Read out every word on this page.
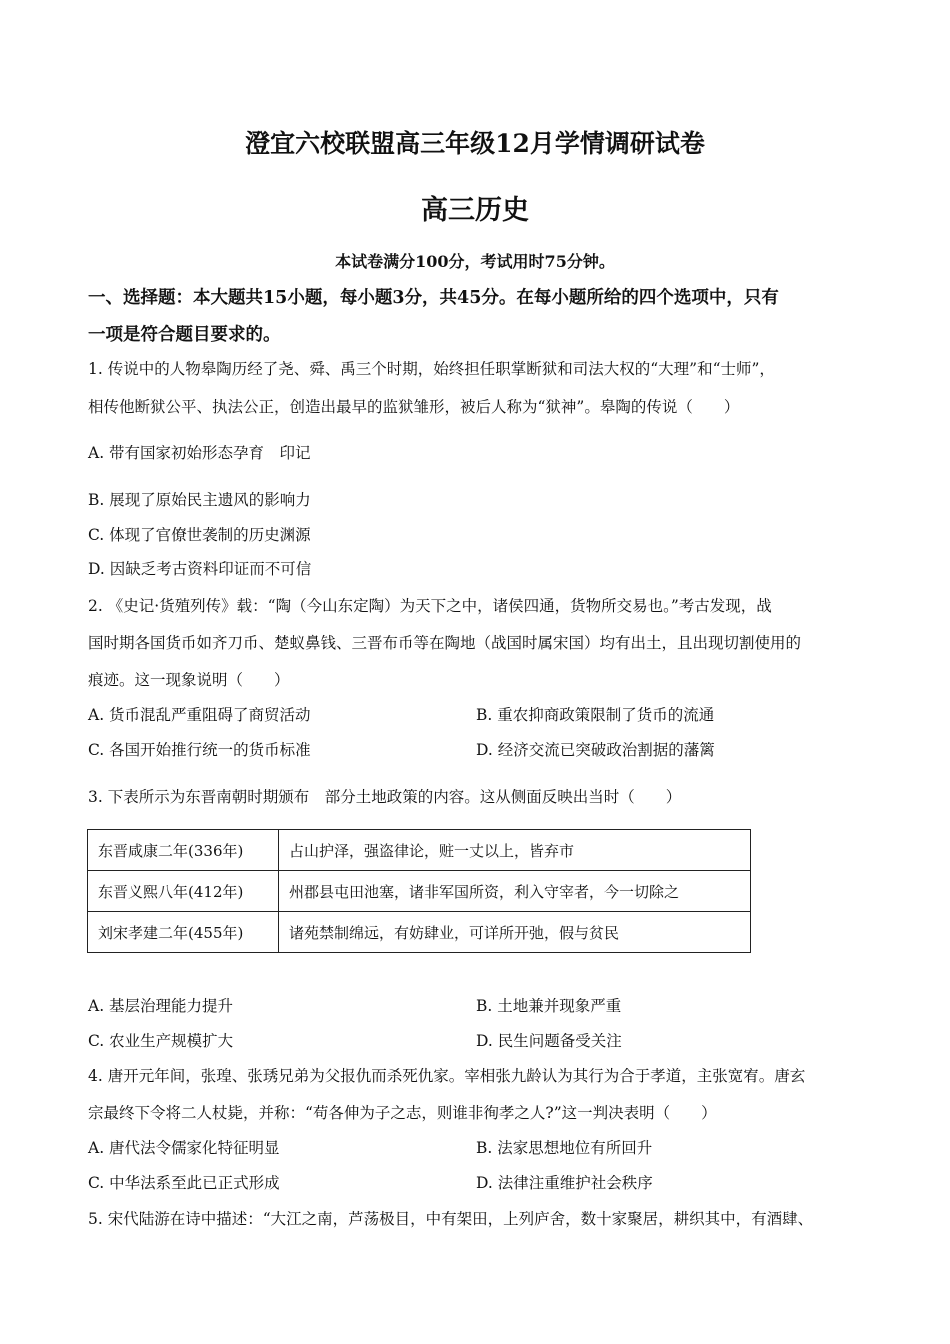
澄宜六校联盟高三年级12月学情调研试卷
高三历史
本试卷满分100分，考试用时75分钟。
一、选择题：本大题共15小题，每小题3分，共45分。在每小题所给的四个选项中，只有
一项是符合题目要求的。
1. 传说中的人物皋陶历经了尧、舜、禹三个时期，始终担任职掌断狱和司法大权的“大理”和“士师”，
相传他断狱公平、执法公正，创造出最早的监狱雏形，被后人称为“狱神”。皋陶的传说（　　）
A. 带有国家初始形态孕育　印记
B. 展现了原始民主遗风的影响力
C. 体现了官僚世袭制的历史渊源
D. 因缺乏考古资料印证而不可信
2. 《史记·货殖列传》载：“陶（今山东定陶）为天下之中，诸侯四通，货物所交易也。”考古发现，战
国时期各国货币如齐刀币、楚蚁鼻钱、三晋布币等在陶地（战国时属宋国）均有出土，且出现切割使用的
痕迹。这一现象说明（　　）
A. 货币混乱严重阻碍了商贸活动	B. 重农抑商政策限制了货币的流通
C. 各国开始推行统一的货币标准	D. 经济交流已突破政治割据的藩篱
3. 下表所示为东晋南朝时期颁布　部分土地政策的内容。这从侧面反映出当时（　　）
东晋咸康二年(336年)	占山护泽，强盗律论，赃一丈以上，皆弃市
东晋义熙八年(412年)	州郡县屯田池塞，诸非军国所资，利入守宰者，今一切除之
刘宋孝建二年(455年)	诸苑禁制绵远，有妨肆业，可详所开弛，假与贫民
A. 基层治理能力提升	B. 土地兼并现象严重
C. 农业生产规模扩大	D. 民生问题备受关注
4. 唐开元年间，张瑝、张琇兄弟为父报仇而杀死仇家。宰相张九龄认为其行为合于孝道，主张宽宥。唐玄
宗最终下令将二人杖毙，并称：“苟各伸为子之志，则谁非徇孝之人?”这一判决表明（　　）
A. 唐代法令儒家化特征明显	B. 法家思想地位有所回升
C. 中华法系至此已正式形成	D. 法律注重维护社会秩序
5. 宋代陆游在诗中描述：“大江之南，芦荡极目，中有架田，上列庐舍，数十家聚居，耕织其中，有酒肆、
